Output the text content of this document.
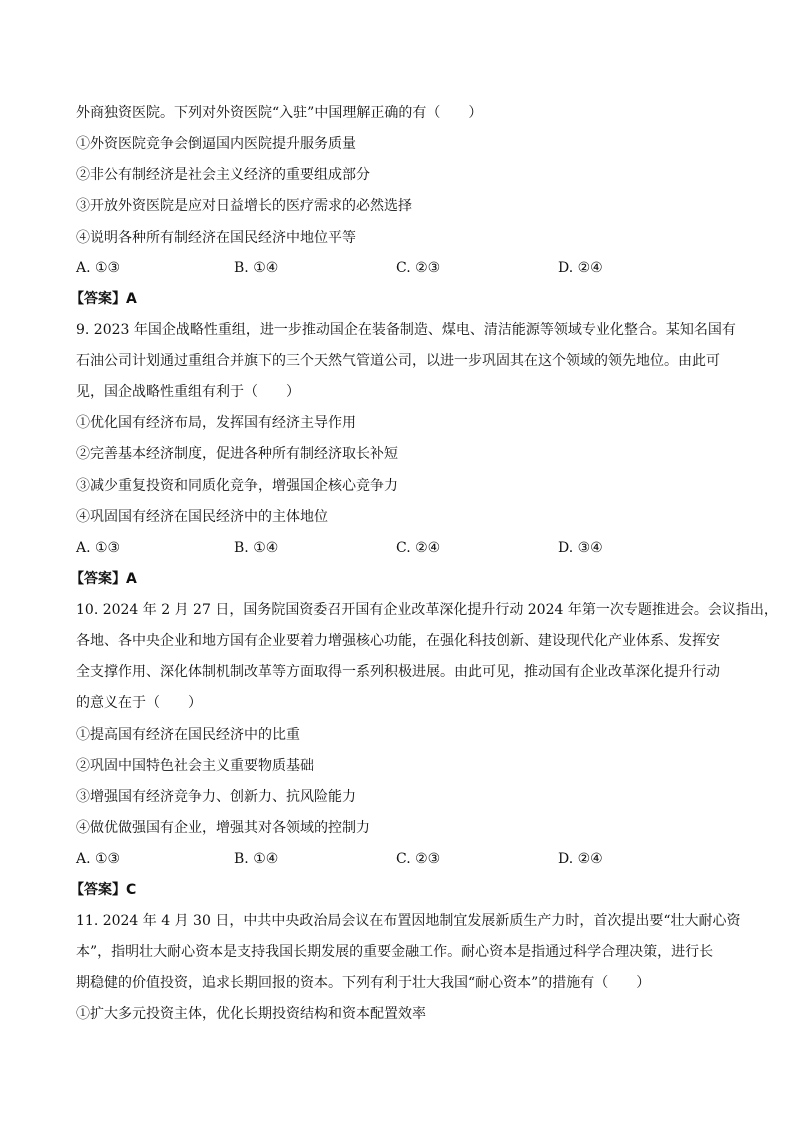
外商独资医院。下列对外资医院“入驻”中国理解正确的有（　　）
①外资医院竞争会倒逼国内医院提升服务质量
②非公有制经济是社会主义经济的重要组成部分
③开放外资医院是应对日益增长的医疗需求的必然选择
④说明各种所有制经济在国民经济中地位平等
A. ①③	B. ①④	C. ②③	D. ②④
【答案】A
9. 2023 年国企战略性重组，进一步推动国企在装备制造、煤电、清洁能源等领域专业化整合。某知名国有
石油公司计划通过重组合并旗下的三个天然气管道公司，以进一步巩固其在这个领域的领先地位。由此可
见，国企战略性重组有利于（　　）
①优化国有经济布局，发挥国有经济主导作用
②完善基本经济制度，促进各种所有制经济取长补短
③减少重复投资和同质化竞争，增强国企核心竞争力
④巩固国有经济在国民经济中的主体地位
A. ①③	B. ①④	C. ②④	D. ③④
【答案】A
10. 2024 年 2 月 27 日，国务院国资委召开国有企业改革深化提升行动 2024 年第一次专题推进会。会议指出，
各地、各中央企业和地方国有企业要着力增强核心功能，在强化科技创新、建设现代化产业体系、发挥安
全支撑作用、深化体制机制改革等方面取得一系列积极进展。由此可见，推动国有企业改革深化提升行动
的意义在于（　　）
①提高国有经济在国民经济中的比重
②巩固中国特色社会主义重要物质基础
③增强国有经济竞争力、创新力、抗风险能力
④做优做强国有企业，增强其对各领域的控制力
A. ①③	B. ①④	C. ②③	D. ②④
【答案】C
11. 2024 年 4 月 30 日，中共中央政治局会议在布置因地制宜发展新质生产力时，首次提出要“壮大耐心资
本”，指明壮大耐心资本是支持我国长期发展的重要金融工作。耐心资本是指通过科学合理决策，进行长
期稳健的价值投资，追求长期回报的资本。下列有利于壮大我国“耐心资本”的措施有（　　）
①扩大多元投资主体，优化长期投资结构和资本配置效率
